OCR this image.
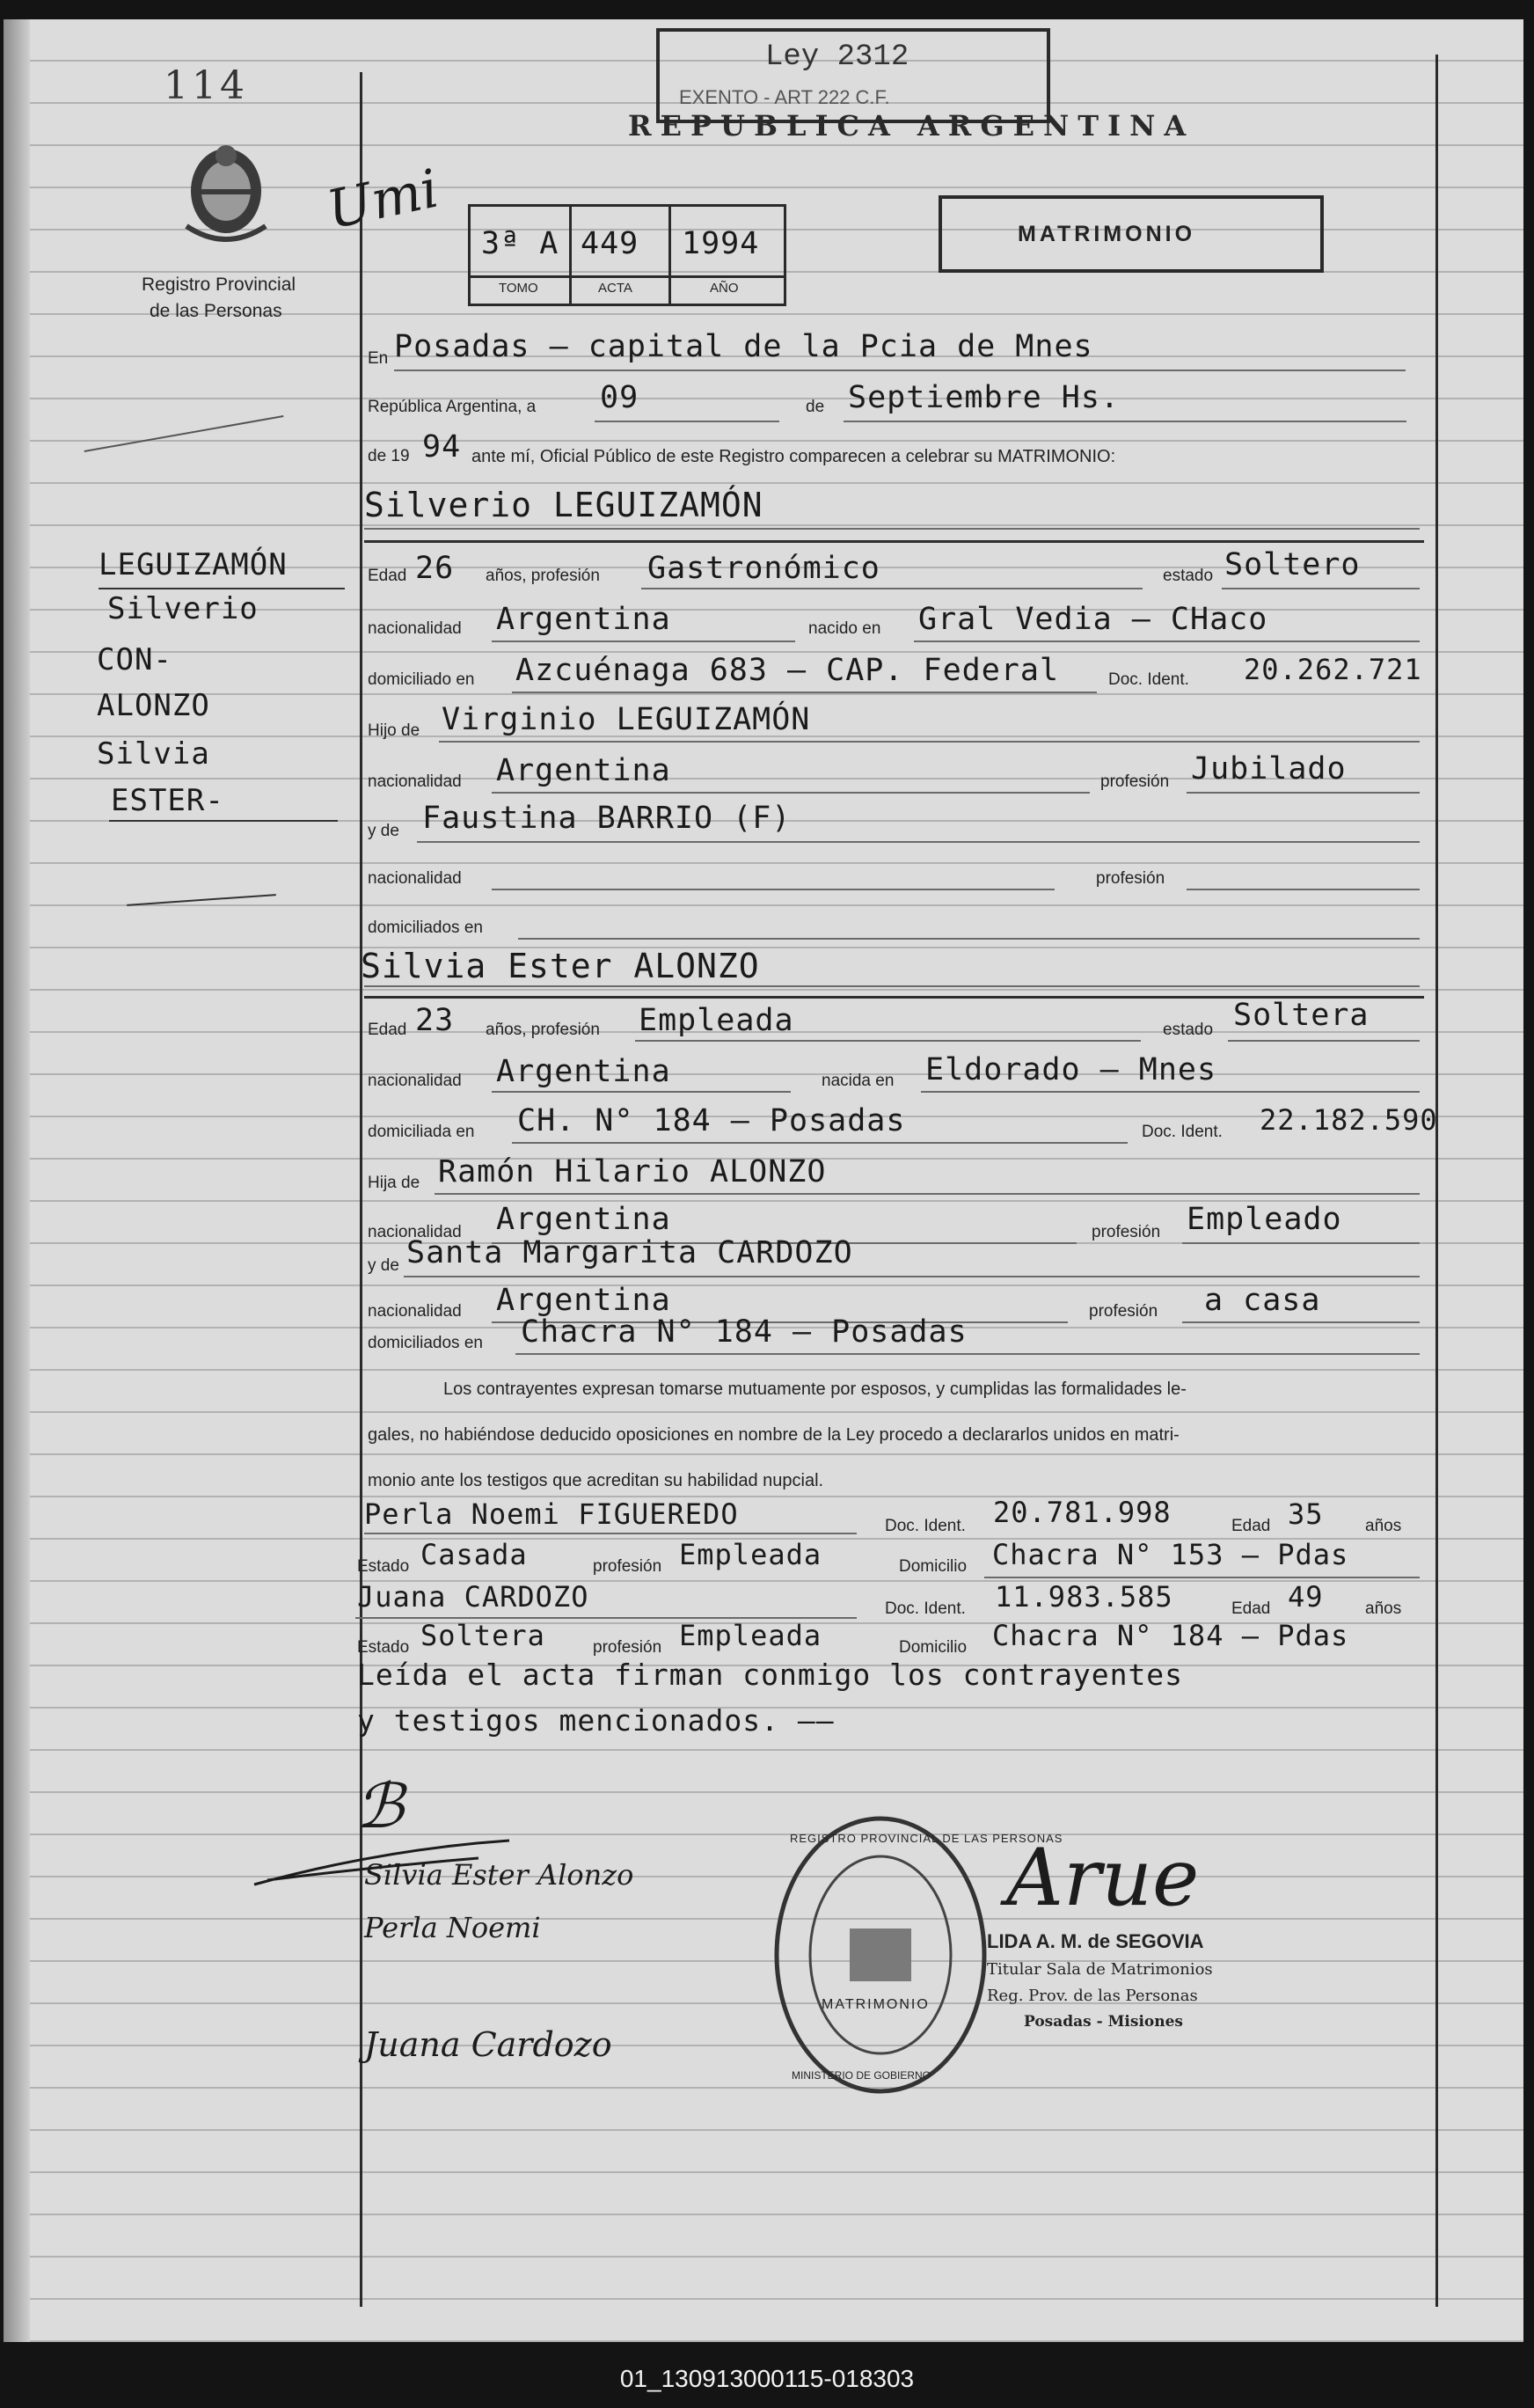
114
Ley 2312
EXENTO - ART 222 C.F.
REPUBLICA ARGENTINA
Registro Provincial
de las Personas
3ª A 449 1994
TOMO	ACTA	AÑO
MATRIMONIO
Umi
LEGUIZAMÓN
Silverio
CON-
ALONZO
Silvia
ESTER-
En Posadas — capital de la Pcia de Mnes
República Argentina, a 09	de Septiembre Hs.
de 19 94 ante mí, Oficial Público de este Registro comparecen a celebrar su MATRIMONIO:
Silverio LEGUIZAMÓN
Edad 26 años, profesión Gastronómico	estado Soltero
nacionalidad Argentina	nacido en Gral Vedia – CHaco
domiciliado en Azcuénaga 683 – CAP. Federal	Doc. Ident. 20.262.721
Hijo de Virginio LEGUIZAMÓN
nacionalidad Argentina	profesión Jubilado
y de Faustina BARRIO (F)
nacionalidad	profesión
domiciliados en
Silvia Ester ALONZO
Edad 23 años, profesión Empleada	estado Soltera
nacionalidad Argentina	nacida en Eldorado – Mnes
domiciliada en CH. N° 184 – Posadas	Doc. Ident. 22.182.590
Hija de Ramón Hilario ALONZO
nacionalidad Argentina	profesión Empleado
y de Santa Margarita CARDOZO
nacionalidad Argentina	profesión a casa
domiciliados en Chacra N° 184 – Posadas
Los contrayentes expresan tomarse mutuamente por esposos, y cumplidas las formalidades le-
gales, no habiéndose deducido oposiciones en nombre de la Ley procedo a declararlos unidos en matri-
monio ante los testigos que acreditan su habilidad nupcial.
Perla Noemi FIGUEREDO	Doc. Ident. 20.781.998	Edad 35 años
Estado Casada	profesión Empleada	Domicilio Chacra N° 153 – Pdas
Juana CARDOZO	Doc. Ident. 11.983.585	Edad 49 años
Estado Soltera	profesión Empleada	Domicilio Chacra N° 184 – Pdas
Leída el acta firman conmigo los contrayentes
y testigos mencionados. ——
ℬ
Silvia Ester Alonzo
Perla Noemi
Juana Cardozo
REGISTRO PROVINCIAL DE LAS PERSONAS
MATRIMONIO
MINISTERIO DE GOBIERNO
Arue
LIDA A. M. de SEGOVIA
Titular Sala de Matrimonios
Reg. Prov. de las Personas
Posadas - Misiones
01_130913000115-018303
